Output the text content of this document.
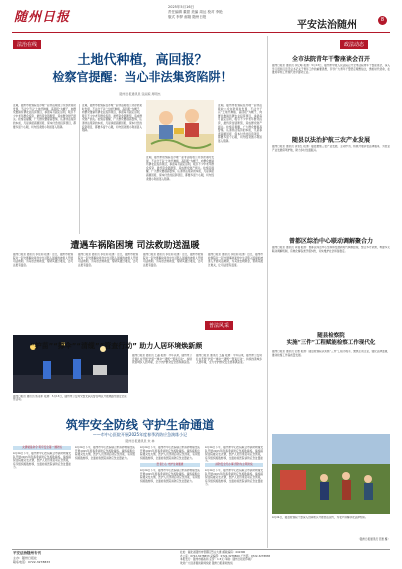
随州日报
2025年5月16日
责任编辑 董甜 美编 周达 校对 李艳
版式 李梦 邮箱 随州日报
平安法治随州	8
法治在线
土地代种植，高回报？
检察官提醒：当心非法集资陷阱！
随州日报通讯员 张丽琼 周明杰
近期，随州市检察院在办理一起非法吸收公众存款案时发现，不法分子以“土地代种植、高回报”为幌子，向群众推销所谓农业投资项目，承诺每月固定返利，吸引不少中老年群众投资，最终资金链断裂，造成群众财产损失。检察官提醒，广大群众要提高警惕，认清非法集资的本质，凡是承诺高额回报、保本付息的投资项目，都要多留个心眼，切勿因贪图小利而落入陷阱。
近期，随州市检察院在办理一起非法吸收公众存款案时发现，不法分子以“土地代种植、高回报”为幌子，向群众推销所谓农业投资项目，承诺每月固定返利，吸引不少中老年群众投资，最终资金链断裂，造成群众财产损失。检察官提醒，广大群众要提高警惕，认清非法集资的本质，凡是承诺高额回报、保本付息的投资项目，都要多留个心眼，切勿因贪图小利而落入陷阱。
近期，随州市检察院在办理一起非法吸收公众存款案时发现，不法分子以“土地代种植、高回报”为幌子，向群众推销所谓农业投资项目，承诺每月固定返利，吸引不少中老年群众投资，最终资金链断裂，造成群众财产损失。检察官提醒，广大群众要提高警惕，认清非法集资的本质，凡是承诺高额回报、保本付息的投资项目，都要多留个心眼，切勿因贪图小利而落入陷阱。
近期，随州市检察院在办理一起非法吸收公众存款案时发现，不法分子以“土地代种植、高回报”为幌子，向群众推销所谓农业投资项目，承诺每月固定返利，吸引不少中老年群众投资，最终资金链断裂，造成群众财产损失。检察官提醒，广大群众要提高警惕，认清非法集资的本质，凡是承诺高额回报、保本付息的投资项目，都要多留个心眼，切勿因贪图小利而落入陷阱。
遭遇车祸陷困境 司法救助送温暖
随州日报讯 通讯员 李佳莉 报道：近日，随州市检察院对一起交通事故案件中生活陷入困境的被害人开展司法救助，为其送去救助金，帮助其渡过难关，让司法更有温度。
随州日报讯 通讯员 李佳莉 报道：近日，随州市检察院对一起交通事故案件中生活陷入困境的被害人开展司法救助，为其送去救助金，帮助其渡过难关，让司法更有温度。
随州日报讯 通讯员 李佳莉 报道：近日，随州市检察院对一起交通事故案件中生活陷入困境的被害人开展司法救助，为其送去救助金，帮助其渡过难关，让司法更有温度。
随州日报讯 通讯员 李佳莉 报道：近日，随州市检察院对一起交通事故案件中生活陷入困境的被害人开展司法救助，为其送去救助金，帮助其渡过难关，让司法更有温度。
普法风采
“护苗”“撑伞”“清缆”“管查行动” 助力人居环境焕新颜
随州日报讯 通讯员 熊诗彤 报道：5月13日，随州市公安局交警支队民警在城区开展道路交通安全宣传活动。
随州日报讯 通讯员 王磊 报道：今年以来，随州市公安局扎实开展“护苗”“撑伞”“清缆”“管查行动”，持续改善城乡人居环境，全力守护群众安全感和满意度。
随州日报讯 通讯员 王磊 报道：今年以来，随州市公安局扎实开展“护苗”“撑伞”“清缆”“管查行动”，持续改善城乡人居环境，全力守护群众安全感和满意度。
筑牢安全防线 守护生命通道
——市中心医院开展2025年度春季消防应急演练小记
随州日报通讯员 朱 林
火情就是命令 筑牢安全第一道防线
4月24日下午，随州市中心医院联合市消防救援支队开展2025年度春季消防应急疏散演练。演练模拟住院楼突发火情，医护人员迅速启动应急预案，有序组织疏散转移，全面检验医院消防应急处置能力。
4月24日下午，随州市中心医院联合市消防救援支队开展2025年度春季消防应急疏散演练。演练模拟住院楼突发火情，医护人员迅速启动应急预案，有序组织疏散转移，全面检验医院消防应急处置能力。
医者仁心 守护生命通道
4月24日下午，随州市中心医院联合市消防救援支队开展2025年度春季消防应急疏散演练。演练模拟住院楼突发火情，医护人员迅速启动应急预案，有序组织疏散转移，全面检验医院消防应急处置能力。
4月24日下午，随州市中心医院联合市消防救援支队开展2025年度春季消防应急疏散演练。演练模拟住院楼突发火情，医护人员迅速启动应急预案，有序组织疏散转移，全面检验医院消防应急处置能力。
消防安全无小事 预防为主筑防线
4月24日下午，随州市中心医院联合市消防救援支队开展2025年度春季消防应急疏散演练。演练模拟住院楼突发火情，医护人员迅速启动应急预案，有序组织疏散转移，全面检验医院消防应急处置能力。
4月24日下午，随州市中心医院联合市消防救援支队开展2025年度春季消防应急疏散演练。演练模拟住院楼突发火情，医护人员迅速启动应急预案，有序组织疏散转移，全面检验医院消防应急处置能力。
政法动态
全市法院青年干警座谈会召开
随州日报讯 通讯员 李忆峰 报道：5月13日，随州市中级人民法院召开全市法院青年干警座谈会，深入学习贯彻习近平总书记关于青年工作的重要思想，引导广大青年干警坚定理想信念，勇担时代使命，在推进审判工作现代化中建功立业。
随县以法治护航三农产业发展
随州日报讯 通讯员 余永红 报道：随县聚焦三农产业发展，主动作为，积极开展涉农法律服务，为农业产业发展保驾护航，助力乡村全面振兴。
曾都区综治中心联动调解聚合力
随州日报讯 通讯员 肖强 报道：曾都区综治中心坚持和发展新时代枫桥经验，整合多方资源，构建多元联动调解机制，有效化解各类矛盾纠纷，切实维护社会和谐稳定。
随县检察院
实施“三件”工程赋能检察工作现代化
随州日报讯 通讯员 范惠 报道：随县检察院以实施“三件”工程为抓手，聚焦主责主业，强化法律监督，推动检察工作高质量发展。
4月24日，随县检察院干警深入田间地头开展普法宣传，为农户讲解涉农法律知识。
（随州日报通讯员 范惠 摄）
平安法治随州专刊
主办：随州日报社
联系电话：0722-3278833
社址：湖北省随州市曾都区烈山大道 邮政编码：441300
办公室：0722-3278833 采编部：0722-3278800 广告部：0722-3278838
本报发行：随州市邮政局 定价：1.5元 印刷：随州日报社印刷厂
欢迎广大读者提供新闻线索 随州日报新闻热线
